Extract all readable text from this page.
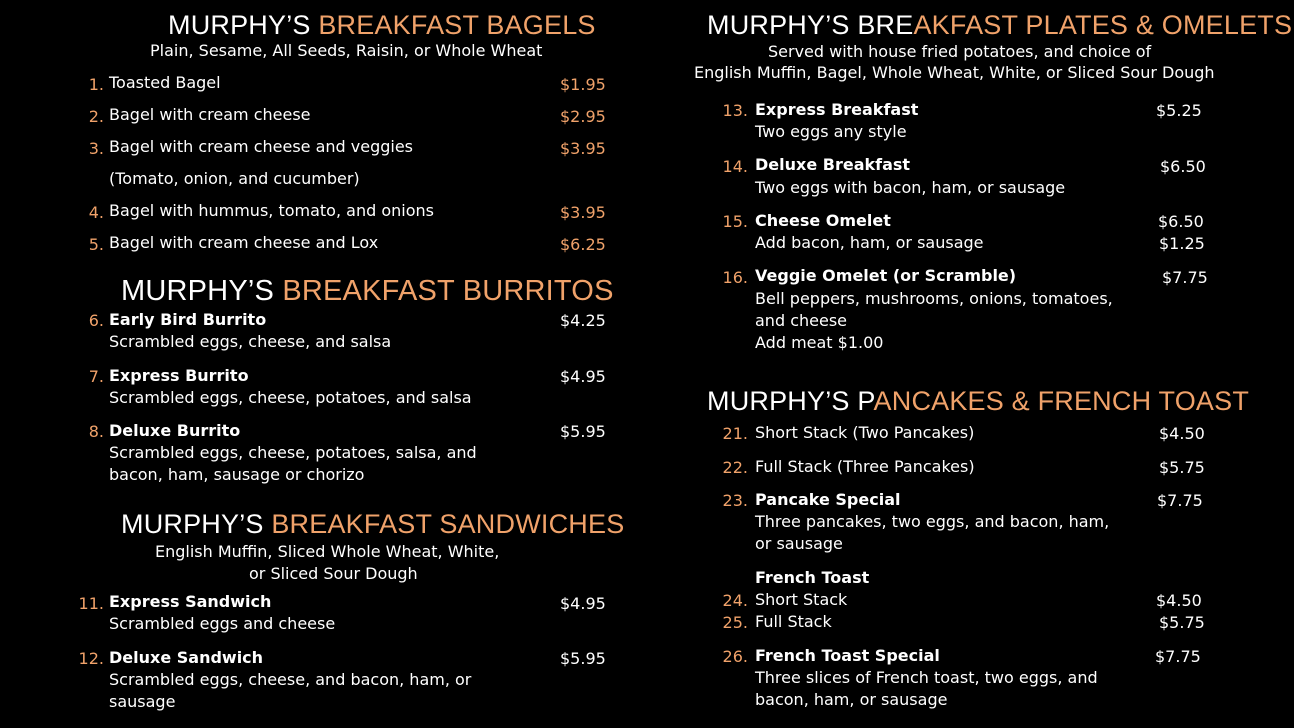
MURPHY’S BREAKFAST BAGELS
Plain, Sesame, All Seeds, Raisin, or Whole Wheat
1. Toasted Bagel	$1.95
2. Bagel with cream cheese	$2.95
3. Bagel with cream cheese and veggies	$3.95
(Tomato, onion, and cucumber)
4. Bagel with hummus, tomato, and onions	$3.95
5. Bagel with cream cheese and Lox	$6.25
MURPHY’S BREAKFAST BURRITOS
6. Early Bird Burrito	$4.25
Scrambled eggs, cheese, and salsa
7. Express Burrito	$4.95
Scrambled eggs, cheese, potatoes, and salsa
8. Deluxe Burrito	$5.95
Scrambled eggs, cheese, potatoes, salsa, and
bacon, ham, sausage or chorizo
MURPHY’S BREAKFAST SANDWICHES
English Muffin, Sliced Whole Wheat, White,
or Sliced Sour Dough
11. Express Sandwich	$4.95
Scrambled eggs and cheese
12. Deluxe Sandwich	$5.95
Scrambled eggs, cheese, and bacon, ham, or
sausage
MURPHY’S BREAKFAST PLATES & OMELETS
Served with house fried potatoes, and choice of
English Muffin, Bagel, Whole Wheat, White, or Sliced Sour Dough
13. Express Breakfast	$5.25
Two eggs any style
14. Deluxe Breakfast	$6.50
Two eggs with bacon, ham, or sausage
15. Cheese Omelet	$6.50
Add bacon, ham, or sausage	$1.25
16. Veggie Omelet (or Scramble)	$7.75
Bell peppers, mushrooms, onions, tomatoes,
and cheese
Add meat $1.00
MURPHY’S PANCAKES & FRENCH TOAST
21. Short Stack (Two Pancakes)	$4.50
22. Full Stack (Three Pancakes)	$5.75
23. Pancake Special	$7.75
Three pancakes, two eggs, and bacon, ham,
or sausage
French Toast
24. Short Stack	$4.50
25. Full Stack	$5.75
26. French Toast Special	$7.75
Three slices of French toast, two eggs, and
bacon, ham, or sausage
